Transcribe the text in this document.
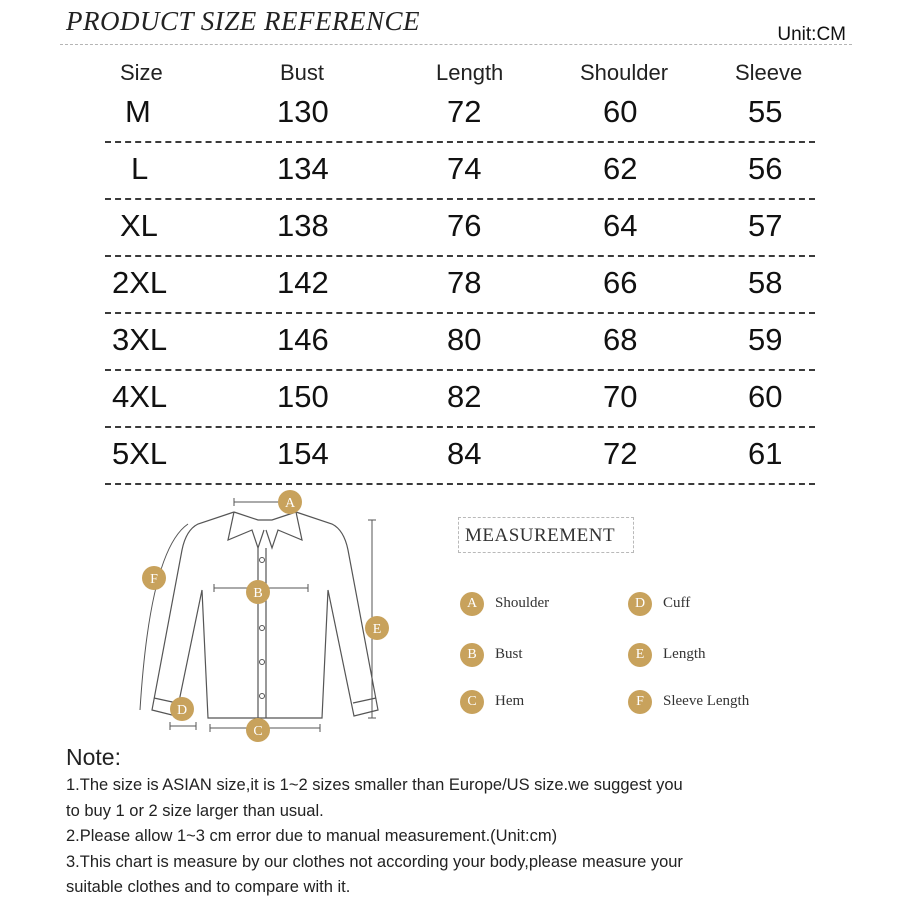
PRODUCT SIZE REFERENCE	Unit:CM
Size	Bust	Length	Shoulder	Sleeve
M	130	72	60	55
L	134	74	62	56
XL	138	76	64	57
2XL	142	78	66	58
3XL	146	80	68	59
4XL	150	82	70	60
5XL	154	84	72	61
A
B
C
D
E
F
MEASUREMENT
A	Shoulder
B	Bust
C	Hem
D	Cuff
E	Length
F	Sleeve Length
Note:
1.The size is ASIAN size,it is 1~2 sizes smaller than Europe/US size.we suggest you
to buy 1 or 2 size larger than usual.
2.Please allow 1~3 cm error due to manual measurement.(Unit:cm)
3.This chart is measure by our clothes not according your body,please measure your
suitable clothes and to compare with it.
